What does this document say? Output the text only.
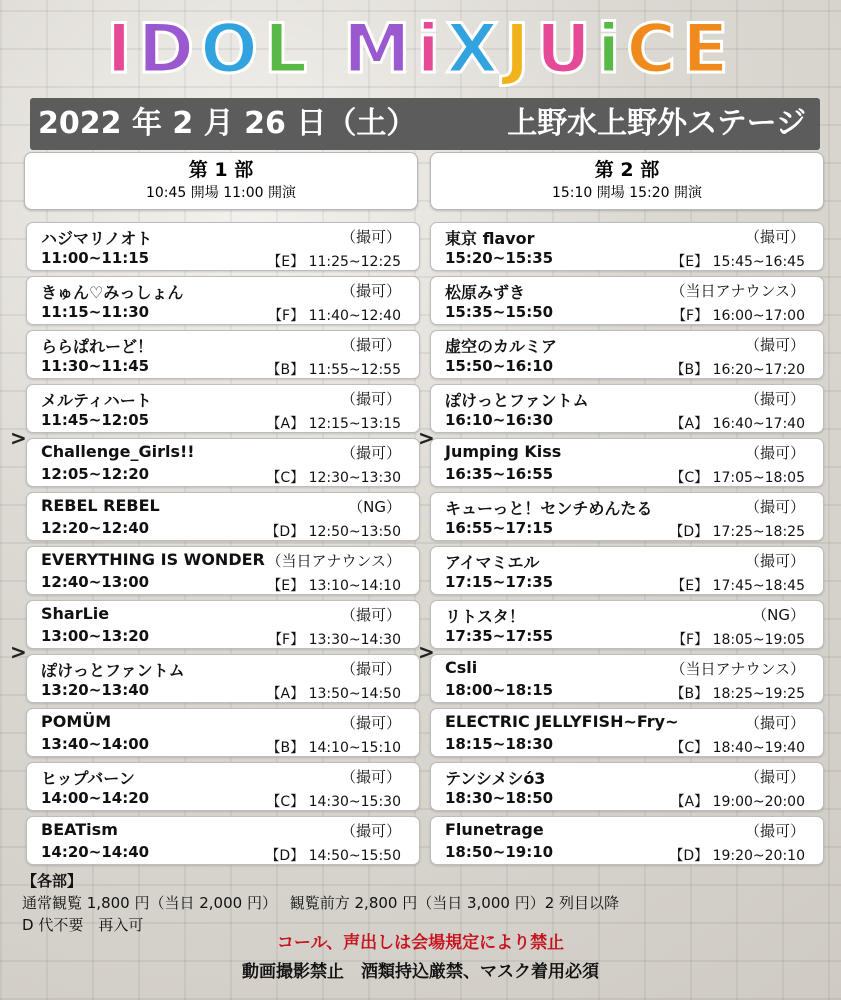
IDOL MiXJUiCE
2022 年 2 月 26 日（土）	上野水上野外ステージ
第 1 部
10:45 開場 11:00 開演
第 2 部
15:10 開場 15:20 開演
ハジマリノオト
11:00~11:15
（撮可）
【E】 11:25~12:25
きゅん♡みっしょん
11:15~11:30
（撮可）
【F】 11:40~12:40
ららぱれーど！
11:30~11:45
（撮可）
【B】 11:55~12:55
メルティハート
11:45~12:05
（撮可）
【A】 12:15~13:15
Challenge_Girls!!
12:05~12:20
（撮可）
【C】 12:30~13:30
REBEL REBEL
12:20~12:40
（NG）
【D】 12:50~13:50
EVERYTHING IS WONDER
12:40~13:00
（当日アナウンス）
【E】 13:10~14:10
SharLie
13:00~13:20
（撮可）
【F】 13:30~14:30
ぽけっとファントム
13:20~13:40
（撮可）
【A】 13:50~14:50
POMÜM
13:40~14:00
（撮可）
【B】 14:10~15:10
ヒップバーン
14:00~14:20
（撮可）
【C】 14:30~15:30
BEATism
14:20~14:40
（撮可）
【D】 14:50~15:50
東京 flavor
15:20~15:35
（撮可）
【E】 15:45~16:45
松原みずき
15:35~15:50
（当日アナウンス）
【F】 16:00~17:00
虚空のカルミア
15:50~16:10
（撮可）
【B】 16:20~17:20
ぽけっとファントム
16:10~16:30
（撮可）
【A】 16:40~17:40
Jumping Kiss
16:35~16:55
（撮可）
【C】 17:05~18:05
キューっと！センチめんたる
16:55~17:15
（撮可）
【D】 17:25~18:25
アイマミエル
17:15~17:35
（撮可）
【E】 17:45~18:45
リトスタ！
17:35~17:55
（NG）
【F】 18:05~19:05
Csli
18:00~18:15
（当日アナウンス）
【B】 18:25~19:25
ELECTRIC JELLYFISH~Fry~
18:15~18:30
（撮可）
【C】 18:40~19:40
テンシメシό3
18:30~18:50
（撮可）
【A】 19:00~20:00
Flunetrage
18:50~19:10
（撮可）
【D】 19:20~20:10
>
>
>
>
【各部】
通常観覧 1,800 円（当日 2,000 円） 観覧前方 2,800 円（当日 3,000 円）2 列目以降
D 代不要　再入可
コール、声出しは会場規定により禁止
動画撮影禁止　酒類持込厳禁、マスク着用必須
